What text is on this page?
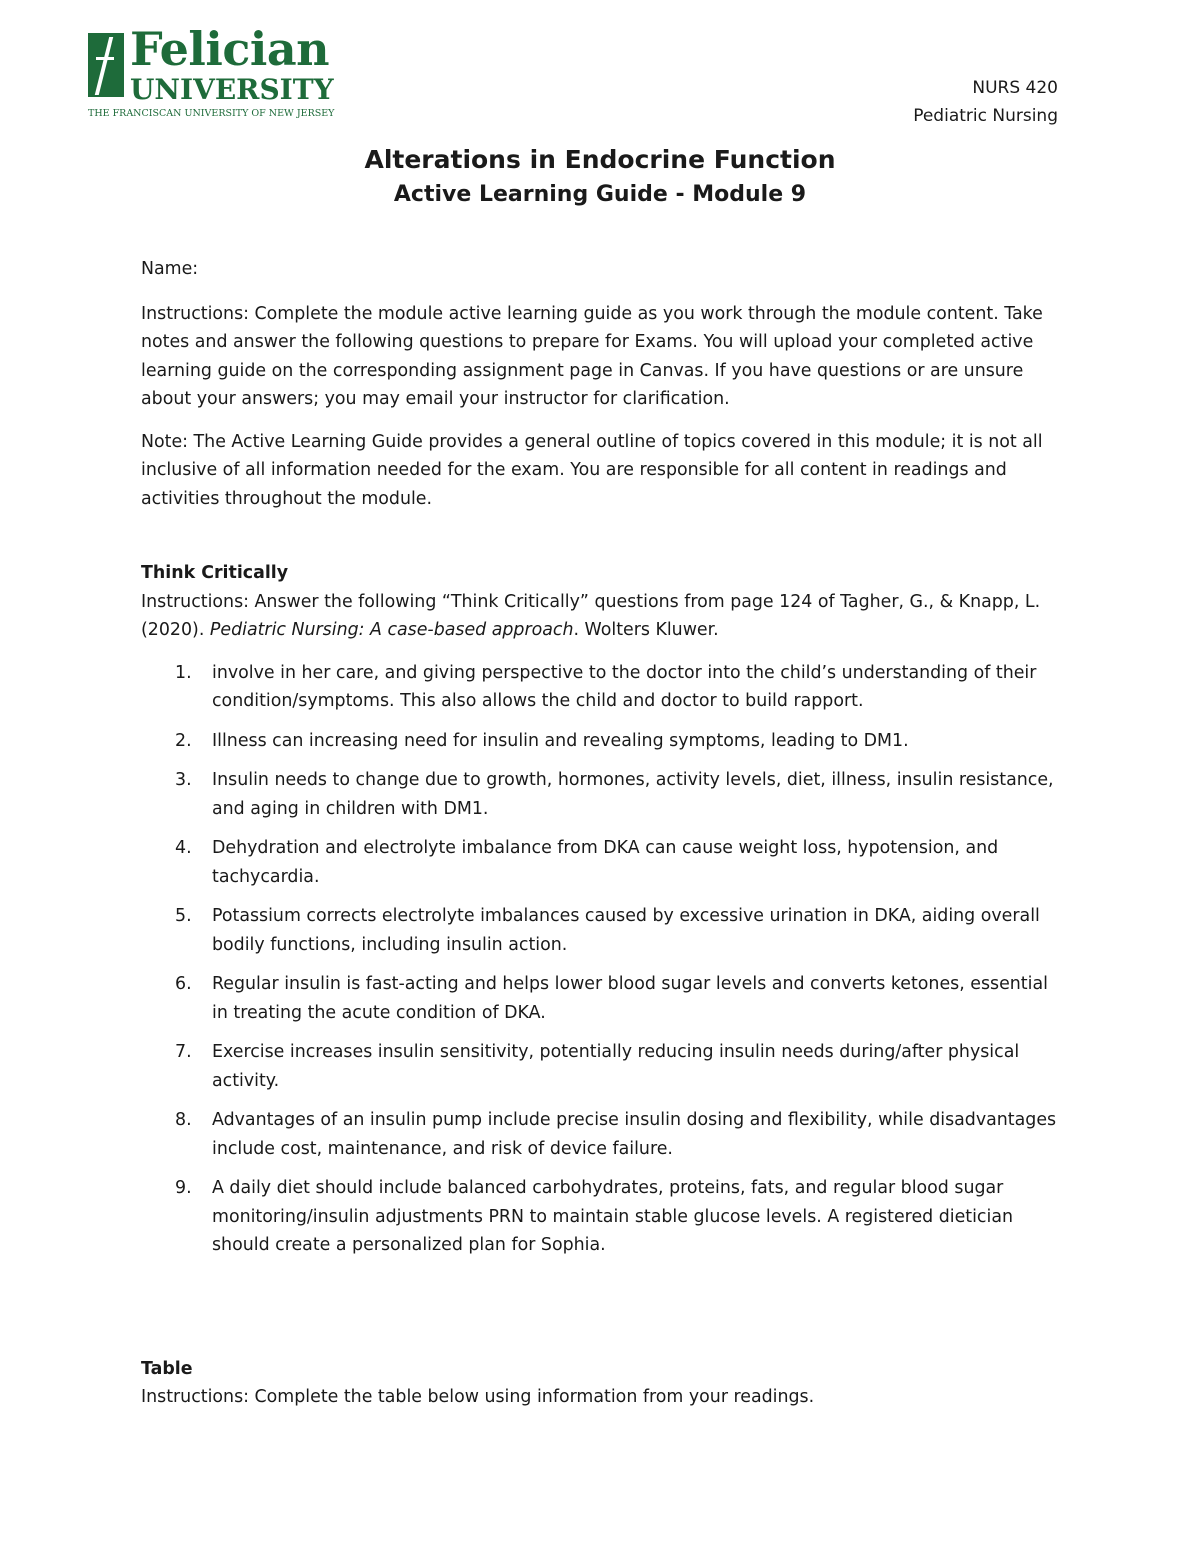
Felician
UNIVERSITY
THE FRANCISCAN UNIVERSITY OF NEW JERSEY
NURS 420
Pediatric Nursing
Alterations in Endocrine Function
Active Learning Guide - Module 9

Name:

Instructions: Complete the module active learning guide as you work through the module content. Take notes and answer the following questions to prepare for Exams. You will upload your completed active learning guide on the corresponding assignment page in Canvas. If you have questions or are unsure about your answers; you may email your instructor for clarification.

Note: The Active Learning Guide provides a general outline of topics covered in this module; it is not all inclusive of all information needed for the exam. You are responsible for all content in readings and activities throughout the module.

Think Critically

Instructions: Answer the following “Think Critically” questions from page 124 of Tagher, G., & Knapp, L. (2020). Pediatric Nursing: A case-based approach. Wolters Kluwer.

1. involve in her care, and giving perspective to the doctor into the child’s understanding of their condition/symptoms. This also allows the child and doctor to build rapport.
2. Illness can increasing need for insulin and revealing symptoms, leading to DM1.
3. Insulin needs to change due to growth, hormones, activity levels, diet, illness, insulin resistance, and aging in children with DM1.
4. Dehydration and electrolyte imbalance from DKA can cause weight loss, hypotension, and tachycardia.
5. Potassium corrects electrolyte imbalances caused by excessive urination in DKA, aiding overall bodily functions, including insulin action.
6. Regular insulin is fast-acting and helps lower blood sugar levels and converts ketones, essential in treating the acute condition of DKA.
7. Exercise increases insulin sensitivity, potentially reducing insulin needs during/after physical activity.
8. Advantages of an insulin pump include precise insulin dosing and flexibility, while disadvantages include cost, maintenance, and risk of device failure.
9. A daily diet should include balanced carbohydrates, proteins, fats, and regular blood sugar monitoring/insulin adjustments PRN to maintain stable glucose levels. A registered dietician should create a personalized plan for Sophia.

Table

Instructions: Complete the table below using information from your readings.
